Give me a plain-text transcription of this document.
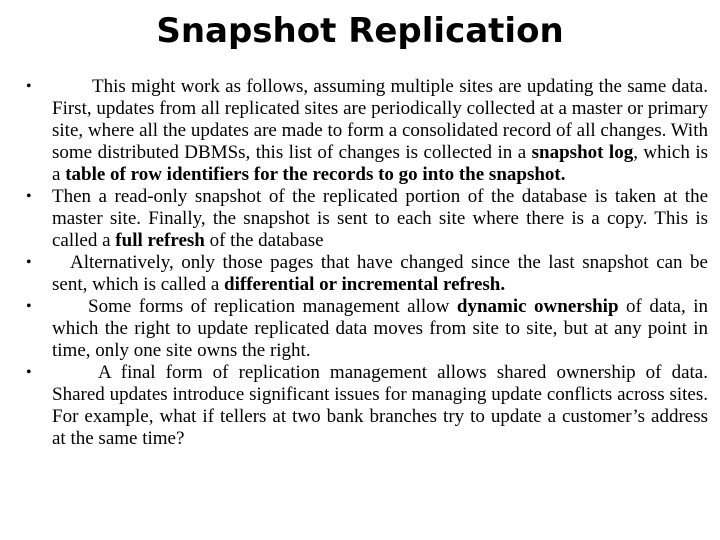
Snapshot Replication
•	This might work as follows, assuming multiple sites are updating the same data. First, updates from all replicated sites are periodically collected at a master or primary site, where all the updates are made to form a consolidated record of all changes. With some distributed DBMSs, this list of changes is collected in a snapshot log, which is a table of row identifiers for the records to go into the snapshot.
• Then a read-only snapshot of the replicated portion of the database is taken at the master site. Finally, the snapshot is sent to each site where there is a copy. This is called a full refresh of the database
• Alternatively, only those pages that have changed since the last snapshot can be sent, which is called a differential or incremental refresh.
•	Some forms of replication management allow dynamic ownership of data, in which the right to update replicated data moves from site to site, but at any point in time, only one site owns the right.
•	A final form of replication management allows shared ownership of data. Shared updates introduce significant issues for managing update conflicts across sites. For example, what if tellers at two bank branches try to update a customer’s address at the same time?
